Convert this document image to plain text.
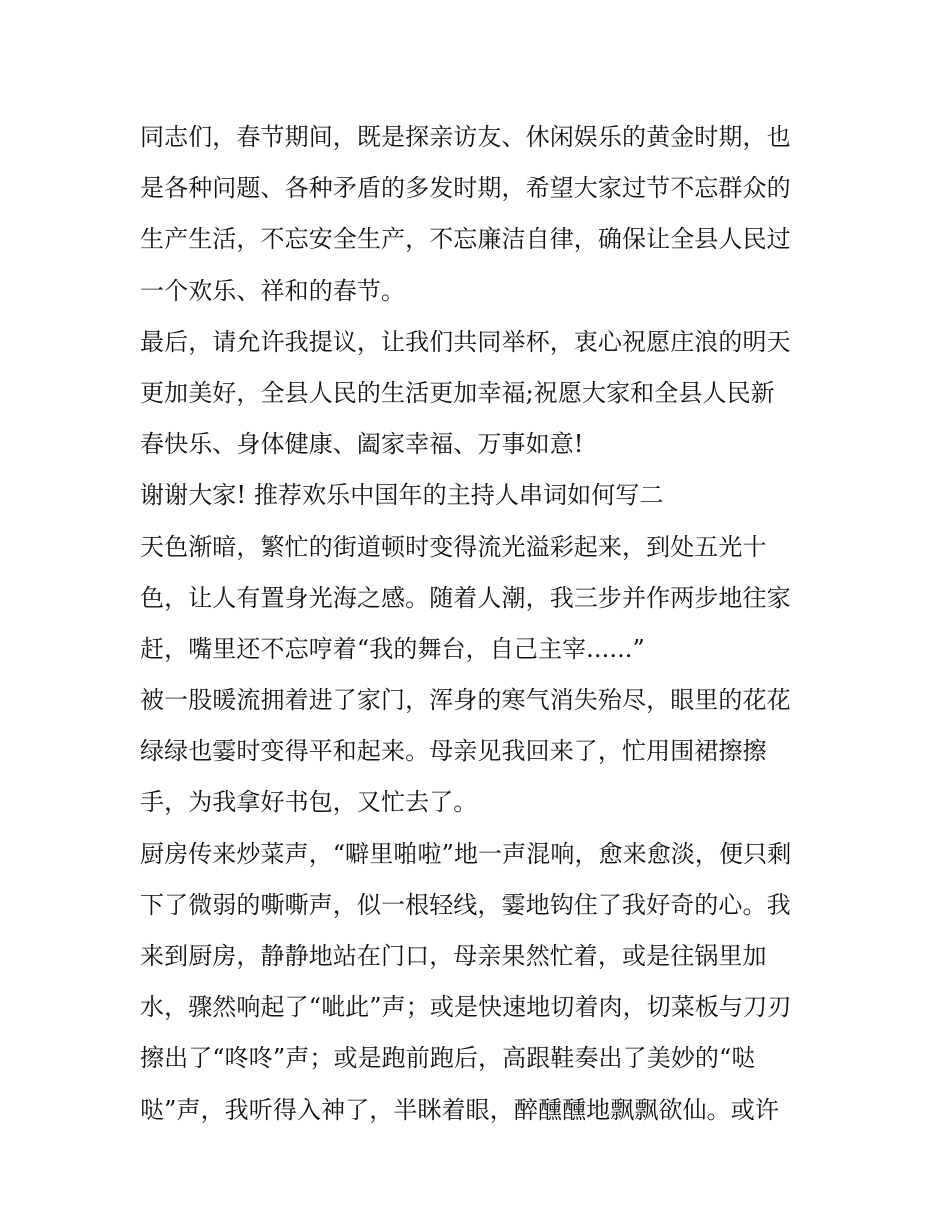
同志们，春节期间，既是探亲访友、休闲娱乐的黄金时期，也
是各种问题、各种矛盾的多发时期，希望大家过节不忘群众的
生产生活，不忘安全生产，不忘廉洁自律，确保让全县人民过
一个欢乐、祥和的春节。
最后，请允许我提议，让我们共同举杯，衷心祝愿庄浪的明天
更加美好，全县人民的生活更加幸福;祝愿大家和全县人民新
春快乐、身体健康、阖家幸福、万事如意!
谢谢大家! 推荐欢乐中国年的主持人串词如何写二
天色渐暗，繁忙的街道顿时变得流光溢彩起来，到处五光十
色，让人有置身光海之感。随着人潮，我三步并作两步地往家
赶，嘴里还不忘哼着“我的舞台，自己主宰......”
被一股暖流拥着进了家门，浑身的寒气消失殆尽，眼里的花花
绿绿也霎时变得平和起来。母亲见我回来了，忙用围裙擦擦
手，为我拿好书包，又忙去了。
厨房传来炒菜声，“噼里啪啦”地一声混响，愈来愈淡，便只剩
下了微弱的嘶嘶声，似一根轻线，霎地钩住了我好奇的心。我
来到厨房，静静地站在门口，母亲果然忙着，或是往锅里加
水，骤然响起了“呲此”声；或是快速地切着肉，切菜板与刀刃
擦出了“咚咚”声；或是跑前跑后，高跟鞋奏出了美妙的“哒
哒”声，我听得入神了，半眯着眼，醉醺醺地飘飘欲仙。或许
